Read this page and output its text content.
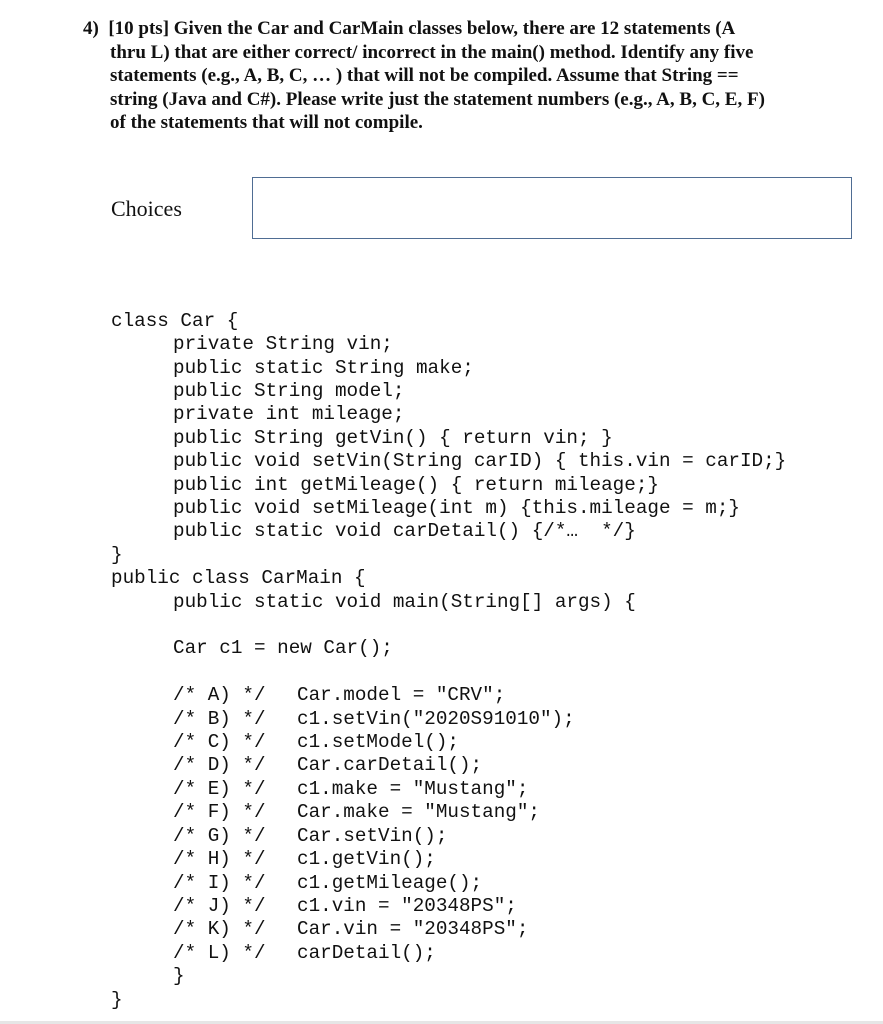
4)  [10 pts] Given the Car and CarMain classes below, there are 12 statements (A
thru L) that are either correct/ incorrect in the main() method. Identify any five
statements (e.g., A, B, C, … ) that will not be compiled. Assume that String ==
string (Java and C#). Please write just the statement numbers (e.g., A, B, C, E, F)
of the statements that will not compile.
Choices
class Car {
private String vin;
public static String make;
public String model;
private int mileage;
public String getVin() { return vin; }
public void setVin(String carID) { this.vin = carID;}
public int getMileage() { return mileage;}
public void setMileage(int m) {this.mileage = m;}
public static void carDetail() {/*…  */}
}
public class CarMain {
public static void main(String[] args) {
Car c1 = new Car();
/* A) */ Car.model = "CRV";
/* B) */ c1.setVin("2020S91010");
/* C) */ c1.setModel();
/* D) */ Car.carDetail();
/* E) */ c1.make = "Mustang";
/* F) */ Car.make = "Mustang";
/* G) */ Car.setVin();
/* H) */ c1.getVin();
/* I) */ c1.getMileage();
/* J) */ c1.vin = "20348PS";
/* K) */ Car.vin = "20348PS";
/* L) */ carDetail();
}
}
